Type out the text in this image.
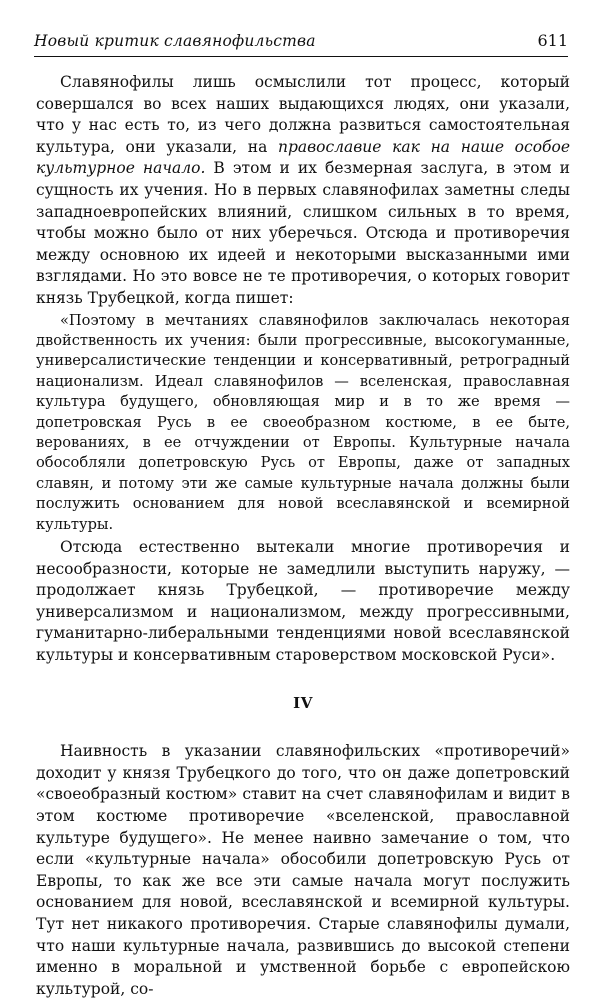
Новый критик славянофильства	611

Славянофилы лишь осмыслили тот процесс, который совершался во всех наших выдающихся людях, они указали, что у нас есть то, из чего должна развиться самостоятельная культура, они указали, на православие как на наше особое культурное начало. В этом и их безмерная заслуга, в этом и сущность их учения. Но в первых славянофилах заметны следы западноевропейских влияний, слишком сильных в то время, чтобы можно было от них уберечься. Отсюда и противоречия между основною их идеей и некоторыми высказанными ими взглядами. Но это вовсе не те противоречия, о которых говорит князь Трубецкой, когда пишет:

«Поэтому в мечтаниях славянофилов заключалась некоторая двойственность их учения: были прогрессивные, высокогуманные, универсалистические тенденции и консервативный, ретроградный национализм. Идеал славянофилов — вселенская, православная культура будущего, обновляющая мир и в то же время — допетровская Русь в ее своеобразном костюме, в ее быте, верованиях, в ее отчуждении от Европы. Культурные начала обособляли допетровскую Русь от Европы, даже от западных славян, и потому эти же самые культурные начала должны были послужить основанием для новой всеславянской и всемирной культуры.

Отсюда естественно вытекали многие противоречия и несообразности, которые не замедлили выступить наружу, — продолжает князь Трубецкой, — противоречие между универсализмом и национализмом, между прогрессивными, гуманитарно-либеральными тенденциями новой всеславянской культуры и консервативным староверством московской Руси».

IV

Наивность в указании славянофильских «противоречий» доходит у князя Трубецкого до того, что он даже допетровский «своеобразный костюм» ставит на счет славянофилам и видит в этом костюме противоречие «вселенской, православной культуре будущего». Не менее наивно замечание о том, что если «культурные начала» обособили допетровскую Русь от Европы, то как же все эти самые начала могут послужить основанием для новой, всеславянской и всемирной культуры. Тут нет никакого противоречия. Старые славянофилы думали, что наши культурные начала, развившись до высокой степени именно в моральной и умственной борьбе с европейскою культурой, со-
